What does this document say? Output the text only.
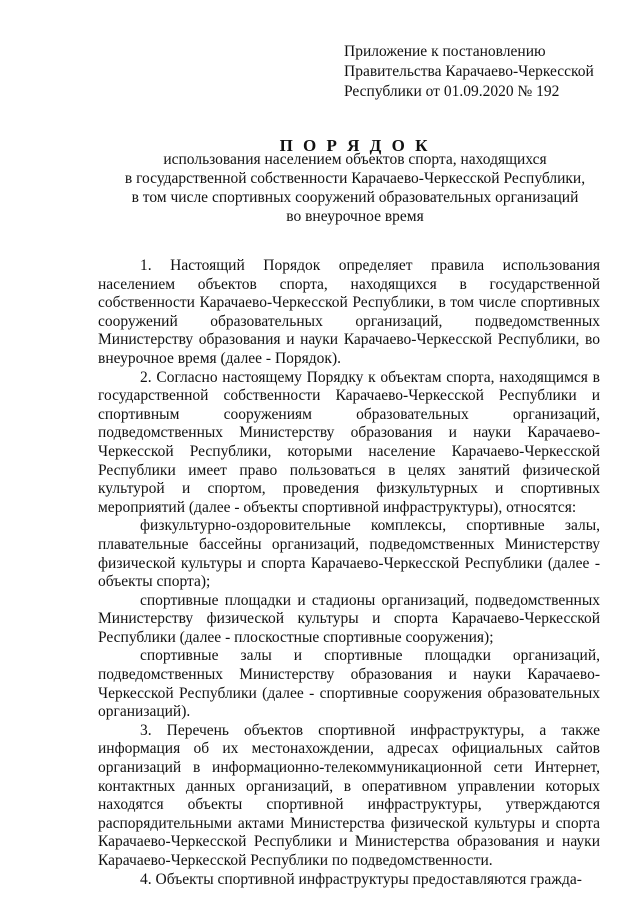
Приложение к постановлению
Правительства Карачаево-Черкесской
Республики от 01.09.2020 № 192
П О Р Я Д О К
использования населением объектов спорта, находящихся
в государственной собственности Карачаево-Черкесской Республики,
в том числе спортивных сооружений образовательных организаций
во внеурочное время

1. Настоящий Порядок определяет правила использования населением объектов спорта, находящихся в государственной собственности Карачаево-Черкесской Республики, в том числе спортивных сооружений образовательных организаций, подведомственных Министерству образования и науки Карачаево-Черкесской Республики, во внеурочное время (далее - Порядок).

2. Согласно настоящему Порядку к объектам спорта, находящимся в государственной собственности Карачаево-Черкесской Республики и спортивным сооружениям образовательных организаций, подведомственных Министерству образования и науки Карачаево-Черкесской Республики, которыми население Карачаево-Черкесской Республики имеет право пользоваться в целях занятий физической культурой и спортом, проведения физкультурных и спортивных мероприятий (далее - объекты спортивной инфраструктуры), относятся:

физкультурно-оздоровительные комплексы, спортивные залы, плавательные бассейны организаций, подведомственных Министерству физической культуры и спорта Карачаево-Черкесской Республики (далее - объекты спорта);

спортивные площадки и стадионы организаций, подведомственных Министерству физической культуры и спорта Карачаево-Черкесской Республики (далее - плоскостные спортивные сооружения);

спортивные залы и спортивные площадки организаций, подведомственных Министерству образования и науки Карачаево-Черкесской Республики (далее - спортивные сооружения образовательных организаций).

3. Перечень объектов спортивной инфраструктуры, а также информация об их местонахождении, адресах официальных сайтов организаций в информационно-телекоммуникационной сети Интернет, контактных данных организаций, в оперативном управлении которых находятся объекты спортивной инфраструктуры, утверждаются распорядительными актами Министерства физической культуры и спорта Карачаево-Черкесской Республики и Министерства образования и науки Карачаево-Черкесской Республики по подведомственности.

4. Объекты спортивной инфраструктуры предоставляются гражда-
